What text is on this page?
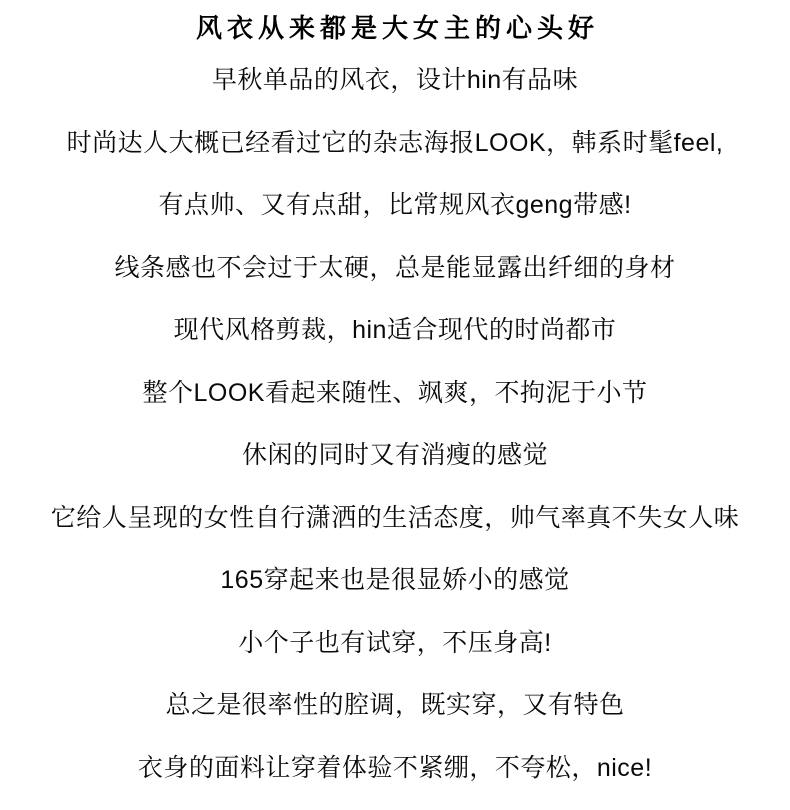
风衣从来都是大女主的心头好

早秋单品的风衣，设计hin有品味

时尚达人大概已经看过它的杂志海报LOOK，韩系时髦feel,

有点帅、又有点甜，比常规风衣geng带感!

线条感也不会过于太硬，总是能显露出纤细的身材

现代风格剪裁，hin适合现代的时尚都市

整个LOOK看起来随性、飒爽，不拘泥于小节

休闲的同时又有消瘦的感觉

它给人呈现的女性自行潇洒的生活态度，帅气率真不失女人味

165穿起来也是很显娇小的感觉

小个子也有试穿，不压身高!

总之是很率性的腔调，既实穿，又有特色

衣身的面料让穿着体验不紧绷，不夸松，nice!
